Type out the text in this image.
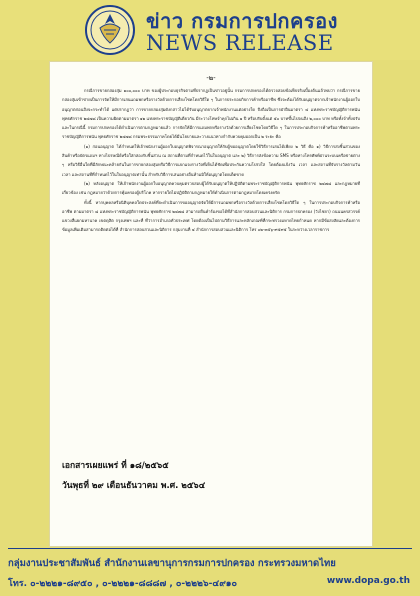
ข่าว กรมการปกครอง
NEWS RELEASE
-๒-

กรณีการขายกล่องสุ่ม ๑๐๐,๐๐๐ บาท ของผู้ประกอบธุรกิจตามที่ปรากฏเป็นข่าวอยู่นั้น กรมการปกครองได้ตรวจสอบข้อเท็จจริงเบื้องต้นแล้วพบว่า กรณีการขายกล่องสุ่มเข้าข่ายเป็นการจัดให้มีการเล่นแถมพกหรือรางวัลด้วยการเสี่ยงโชคโดยวิธีใด ๆ ในการประกอบกิจการค้าหรืออาชีพ ซึ่งจะต้องได้รับอนุญาตจากเจ้าพนักงานผู้ออกใบอนุญาตก่อนถึงจะกระทำได้ แต่ปรากฏว่า การขายกล่องสุ่มดังกล่าวไม่ได้รับอนุญาตจากเจ้าพนักงานแต่อย่างใด จึงถือเป็นการฝ่าฝืนมาตรา ๔ แห่งพระราชบัญญัติการพนัน พุทธศักราช ๒๔๗๘ เป็นความผิดตามมาตรา ๑๒ แห่งพระราชบัญญัติเดียวกัน มีระวางโทษจำคุกไม่เกิน ๑ ปี หรือปรับตั้งแต่ ๕๐ บาทขึ้นไปจนถึง ๒,๐๐๐ บาท หรือทั้งจำทั้งปรับ และในกรณีนี้ กรมการปกครองได้ดำเนินการตามกฎหมายแล้ว การจัดให้มีการแถมพกหรือรางวัลด้วยการเสี่ยงโชคโดยวิธีใด ๆ ในการประกอบกิจการค้าหรืออาชีพตามพระราชบัญญัติการพนัน พุทธศักราช ๒๔๗๘ กรมพระธรรมภาคโดยได้มีนโยบายและวางแนวทางกำกับควบคุมออกเป็น ๒ ระยะ คือ

(๑) ก่อนอนุญาต ได้กำหนดให้เจ้าพนักงานผู้ออกใบอนุญาตพิจารณาอนุญาตให้กับผู้ขออนุญาตโดยใช้วิธีการเล่นได้เพียง ๒ วิธี คือ ๑) วิธีการส่งชิ้นส่วนของสินค้าหรือบัตรแถมฯ ทางไปรษณีย์หรือใส่กล่องรับชิ้นส่วน ณ สถานที่ตามที่กำหนดไว้ในใบอนุญาต และ ๒) วิธีการส่งข้อความ SMS หรือทางโทรศัพท์ผ่านระบบเครือข่ายต่าง ๆ หรือวิธีอื่นใดที่มีลักษณะคล้ายกันในการขายกล่องสุ่มหรือวิธีการแจกแจงรางวัลที่เห็นได้ชัดเพื่อประกันความโปร่งใส โดยต้องแจ้งวัน เวลา และสถานที่จับรางวัลตามวัน เวลา และสถานที่ที่กำหนดไว้ในใบอนุญาตเท่านั้น สำหรับวิธีการเล่นอย่างอื่นห้ามมิให้อนุญาตโดยเด็ดขาด

(๒) หลังอนุญาต ให้เจ้าพนักงานผู้ออกใบอนุญาตควบคุมตรวจสอบผู้ได้รับอนุญาตให้ปฏิบัติตามพระราชบัญญัติการพนัน พุทธศักราช ๒๔๗๘ และกฎหมายที่เกี่ยวข้อง เช่น กฎหมายว่าด้วยการคุ้มครองผู้บริโภค หากรายใดไม่ปฏิบัติตามกฎหมายให้ดำเนินการตามกฎหมายโดยเคร่งครัด

ทั้งนี้ หากบุคคลหรือนิติบุคคลใดประสงค์ที่จะดำเนินการขออนุญาตจัดให้มีการแถมพกหรือรางวัลด้วยการเสี่ยงโชคโดยวิธีใด ๆ ในการประกอบกิจการค้าหรืออาชีพ ตามมาตรา ๘ แห่งพระราชบัญญัติการพนัน พุทธศักราช ๒๔๗๘ สามารถยื่นคำร้องขอได้ที่สำนักการสอบสวนและนิติการ กรมการปกครอง (วังไชยา) ถนนนครสวรรค์ แขวงสี่แยกมหานาค เขตดุสิต กรุงเทพฯ และที่ ที่ว่าการอำเภอทั่วประเทศ โดยต้องเป็นไปตามวิธีการและหลักเกณฑ์ที่กระทรวงมหาดไทยกำหนด หากมีข้อสงสัยและต้องการข้อมูลเพิ่มเติมสามารถติดต่อได้ที่ สำนักการสอบสวนและนิติการ กลุ่มงานที่ ๔ สำนักการสอบสวนและนิติการ โทร ๐๒-๓๕๖-๙๕๙๕ ในระหว่างเวลาราชการ

เอกสารเผยแพร่ ที่ ๑๘/๒๕๖๕
วันพุธที่ ๒๙ เดือนธันวาคม พ.ศ. ๒๕๖๔
กลุ่มงานประชาสัมพันธ์ สำนักงานเลขานุการกรมการปกครอง กระทรวงมหาดไทย
โทร. ๐-๒๒๒๑-๘๙๕๐ , ๐-๒๒๒๑-๘๘๘๗ , ๐-๒๒๒๖-๔๙๑๐	www.dopa.go.th
